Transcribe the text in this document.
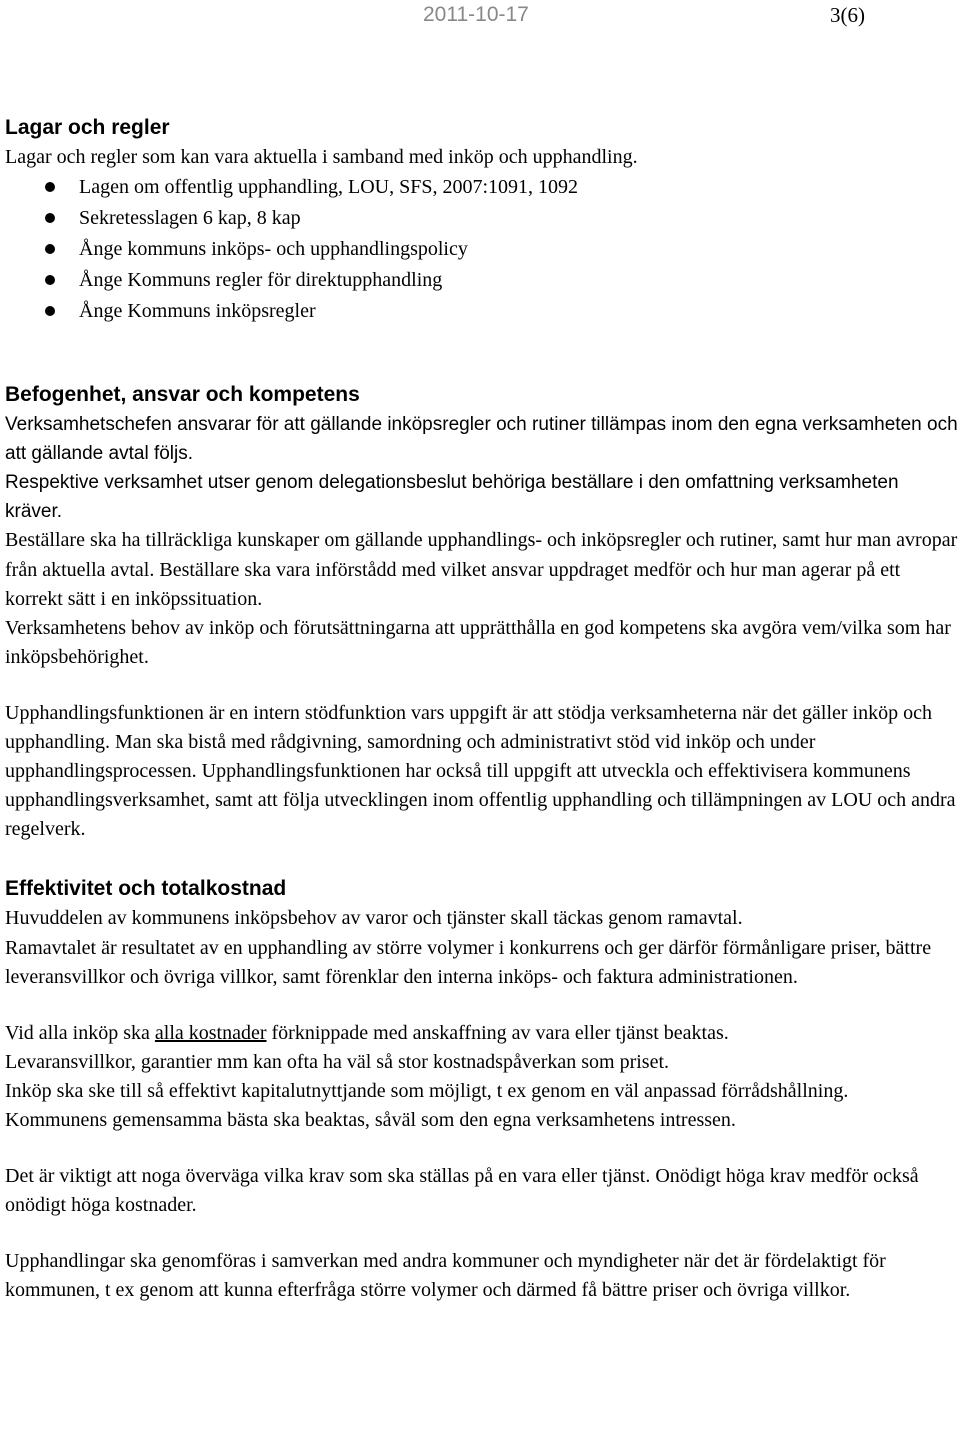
2011-10-17	3(6)
Lagar och regler

Lagar och regler som kan vara aktuella i samband med inköp och upphandling.

Lagen om offentlig upphandling, LOU, SFS, 2007:1091, 1092
Sekretesslagen 6 kap, 8 kap
Ånge kommuns inköps- och upphandlingspolicy
Ånge Kommuns regler för direktupphandling
Ånge Kommuns inköpsregler
Befogenhet, ansvar och kompetens

Verksamhetschefen ansvarar för att gällande inköpsregler och rutiner tillämpas inom den egna verksamheten och att gällande avtal följs.

Respektive verksamhet utser genom delegationsbeslut behöriga beställare i den omfattning verksamheten kräver.

Beställare ska ha tillräckliga kunskaper om gällande upphandlings- och inköpsregler och rutiner, samt hur man avropar från aktuella avtal. Beställare ska vara införstådd med vilket ansvar uppdraget medför och hur man agerar på ett korrekt sätt i en inköpssituation.

Verksamhetens behov av inköp och förutsättningarna att upprätthålla en god kompetens ska avgöra vem/vilka som har inköpsbehörighet.

Upphandlingsfunktionen är en intern stödfunktion vars uppgift är att stödja verksamheterna när det gäller inköp och upphandling. Man ska bistå med rådgivning, samordning och administrativt stöd vid inköp och under upphandlingsprocessen. Upphandlingsfunktionen har också till uppgift att utveckla och effektivisera kommunens upphandlingsverksamhet, samt att följa utvecklingen inom offentlig upphandling och tillämpningen av LOU och andra regelverk.

Effektivitet och totalkostnad

Huvuddelen av kommunens inköpsbehov av varor och tjänster skall täckas genom ramavtal.

Ramavtalet är resultatet av en upphandling av större volymer i konkurrens och ger därför förmånligare priser, bättre leveransvillkor och övriga villkor, samt förenklar den interna inköps- och faktura administrationen.

Vid alla inköp ska alla kostnader förknippade med anskaffning av vara eller tjänst beaktas.

Levaransvillkor, garantier mm kan ofta ha väl så stor kostnadspåverkan som priset.

Inköp ska ske till så effektivt kapitalutnyttjande som möjligt, t ex genom en väl anpassad förrådshållning.

Kommunens gemensamma bästa ska beaktas, såväl som den egna verksamhetens intressen.

Det är viktigt att noga överväga vilka krav som ska ställas på en vara eller tjänst. Onödigt höga krav medför också onödigt höga kostnader.

Upphandlingar ska genomföras i samverkan med andra kommuner och myndigheter när det är fördelaktigt för kommunen, t ex genom att kunna efterfråga större volymer och därmed få bättre priser och övriga villkor.
